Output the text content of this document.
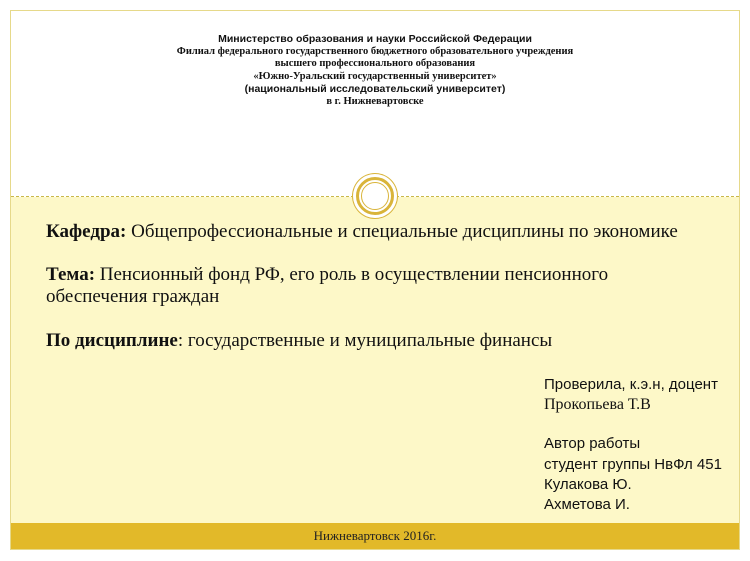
Министерство образования и науки Российской Федерации
Филиал федерального государственного бюджетного образовательного учреждения
высшего профессионального образования
«Южно-Уральский государственный университет»
(национальный исследовательский университет)
в г. Нижневартовске
Кафедра: Общепрофессиональные и специальные дисциплины по экономике
Тема: Пенсионный фонд РФ, его роль в осуществлении пенсионного
обеспечения граждан
По дисциплине: государственные и муниципальные финансы
Проверила, к.э.н, доцент
Прокопьева Т.В
Автор работы
студент группы НвФл 451
Кулакова Ю.
Ахметова И.
Нижневартовск 2016г.
